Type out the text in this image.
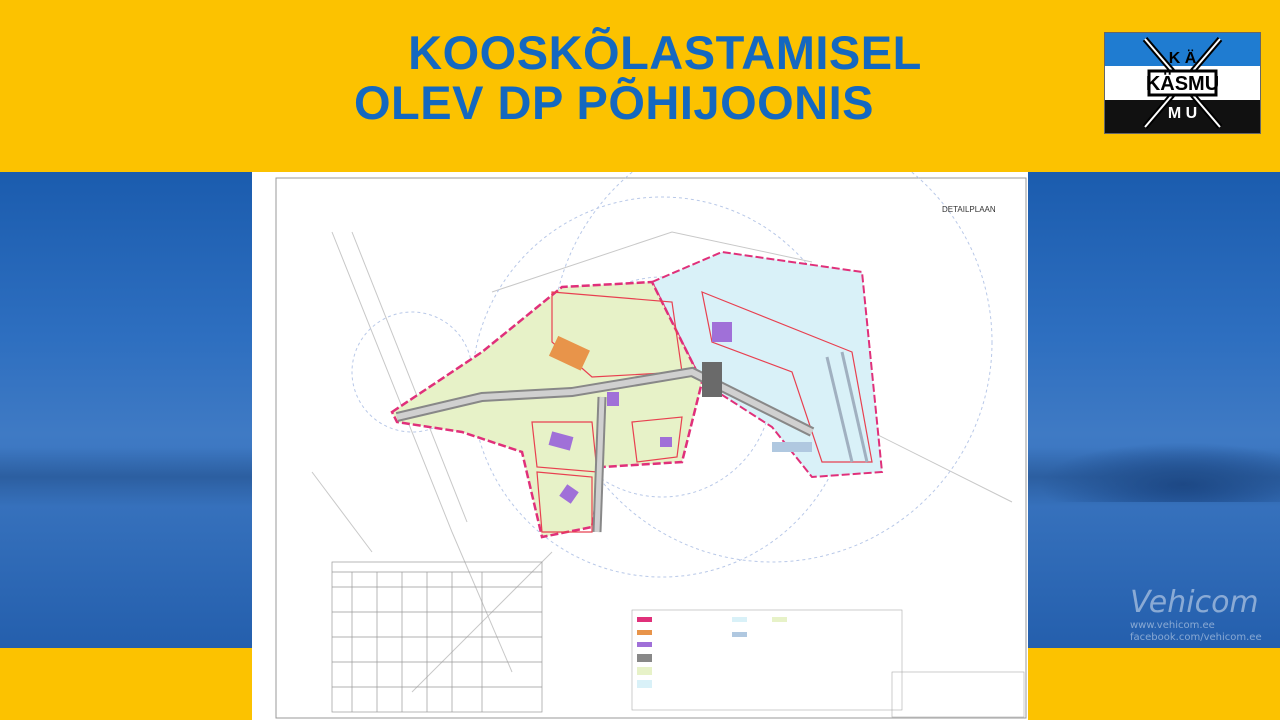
KOOSKÕLASTAMISEL
OLEV DP PÕHIJOONIS	KÄSMU
K Ä
M U
DETAILPLAAN
Vehicom
www.vehicom.ee
facebook.com/vehicom.ee
